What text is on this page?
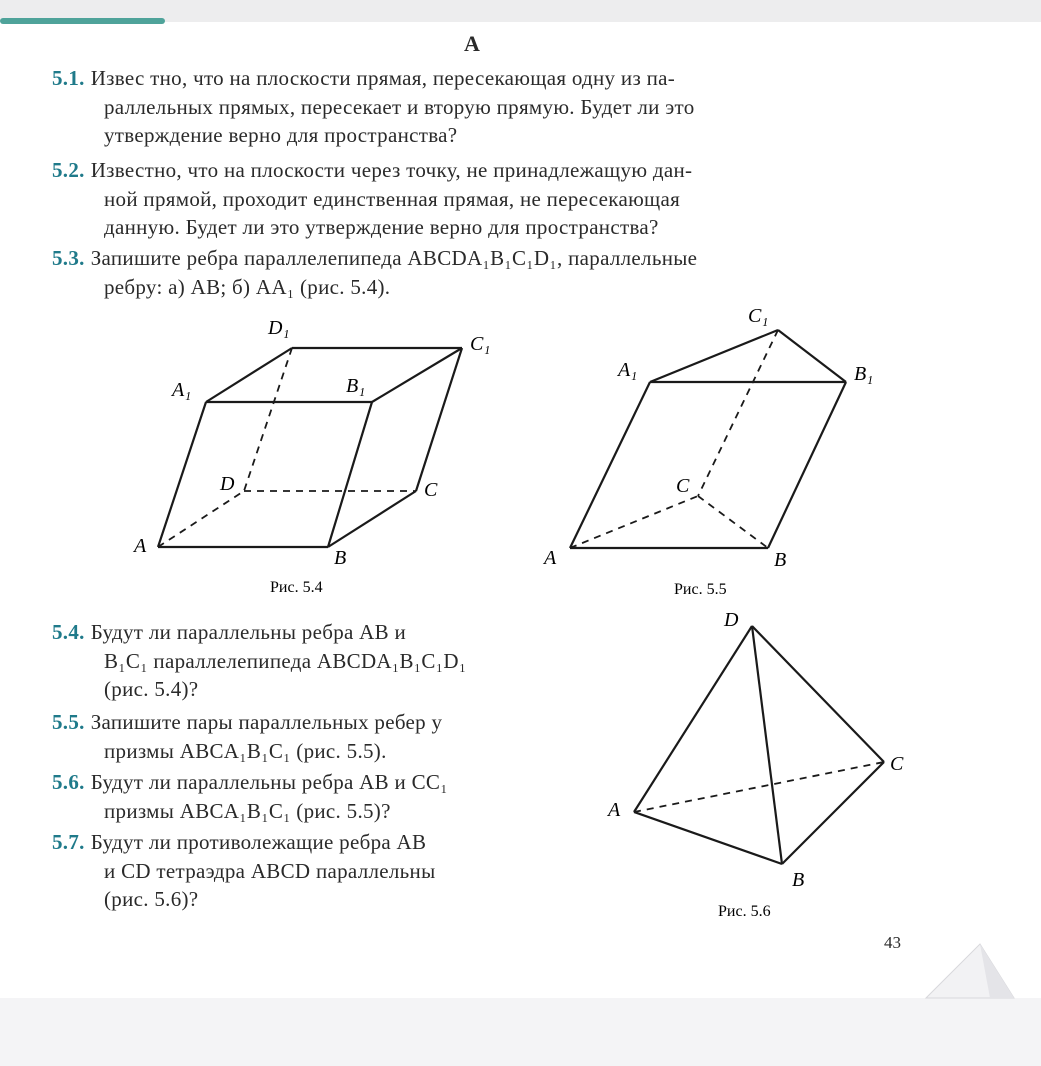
A
5.1. Извес тно, что на плоскости прямая, пересекающая одну из па-
раллельных прямых, пересекает и вторую прямую. Будет ли это
утверждение верно для пространства?
5.2. Известно, что на плоскости через точку, не принадлежащую дан-
ной прямой, проходит единственная прямая, не пересекающая
данную. Будет ли это утверждение верно для пространства?
5.3. Запишите ребра параллелепипеда ABCDA₁B₁C₁D₁, параллельные
ребру: а) AB; б) AA₁ (рис. 5.4).
D₁
C₁
A₁	B₁
D	C
A
B
Рис. 5.4
C₁
A₁	B₁
C
A	B
Рис. 5.5
5.4. Будут ли параллельны ребра AB и
B₁C₁ параллелепипеда ABCDA₁B₁C₁D₁
(рис. 5.4)?
5.5. Запишите пары параллельных ребер у
призмы ABCA₁B₁C₁ (рис. 5.5).
5.6. Будут ли параллельны ребра AB и CC₁
призмы ABCA₁B₁C₁ (рис. 5.5)?
5.7. Будут ли противолежащие ребра AB
и CD тетраэдра ABCD параллельны
(рис. 5.6)?
D
C
A
B
Рис. 5.6
43
